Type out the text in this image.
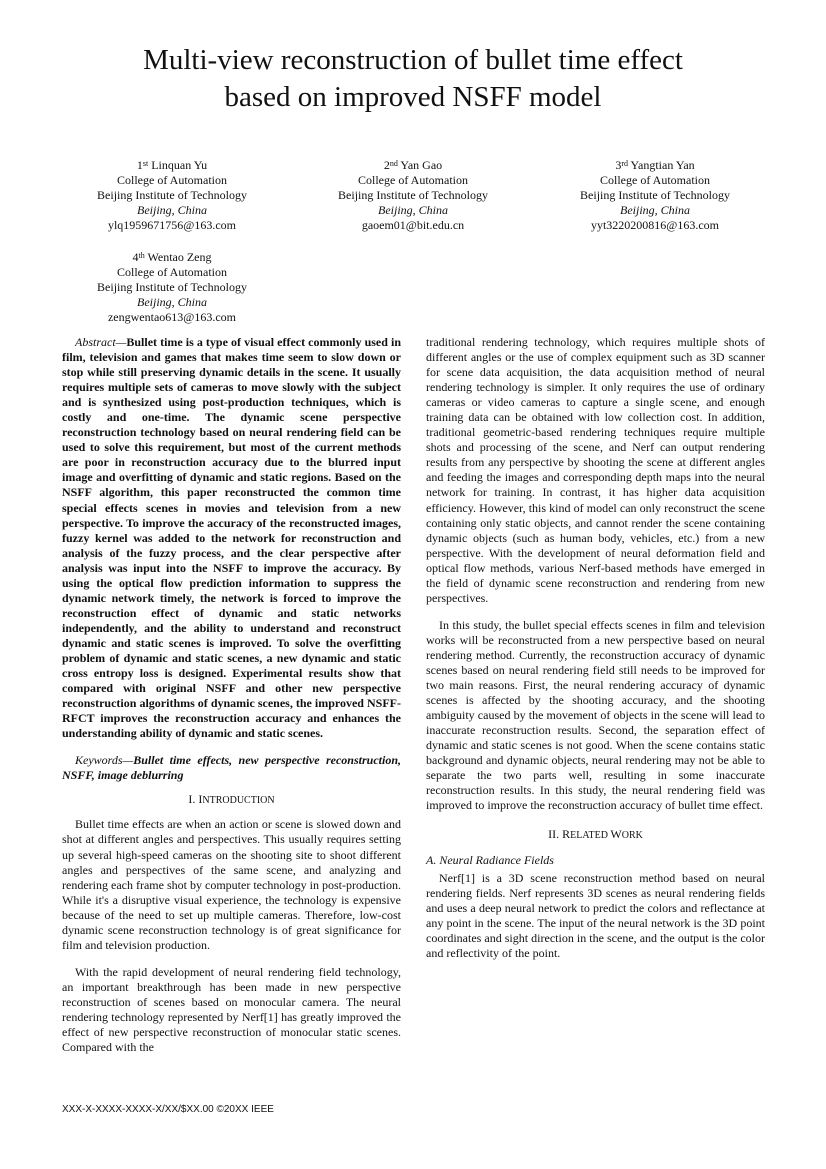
Multi-view reconstruction of bullet time effect
based on improved NSFF model
1st Linquan Yu
College of Automation
Beijing Institute of Technology
Beijing, China
ylq1959671756@163.com
2nd Yan Gao
College of Automation
Beijing Institute of Technology
Beijing, China
gaoem01@bit.edu.cn
3rd Yangtian Yan
College of Automation
Beijing Institute of Technology
Beijing, China
yyt3220200816@163.com
4th Wentao Zeng
College of Automation
Beijing Institute of Technology
Beijing, China
zengwentao613@163.com

Abstract—Bullet time is a type of visual effect commonly used in film, television and games that makes time seem to slow down or stop while still preserving dynamic details in the scene. It usually requires multiple sets of cameras to move slowly with the subject and is synthesized using post-production techniques, which is costly and one-time. The dynamic scene perspective reconstruction technology based on neural rendering field can be used to solve this requirement, but most of the current methods are poor in reconstruction accuracy due to the blurred input image and overfitting of dynamic and static regions. Based on the NSFF algorithm, this paper reconstructed the common time special effects scenes in movies and television from a new perspective. To improve the accuracy of the reconstructed images, fuzzy kernel was added to the network for reconstruction and analysis of the fuzzy process, and the clear perspective after analysis was input into the NSFF to improve the accuracy. By using the optical flow prediction information to suppress the dynamic network timely, the network is forced to improve the reconstruction effect of dynamic and static networks independently, and the ability to understand and reconstruct dynamic and static scenes is improved. To solve the overfitting problem of dynamic and static scenes, a new dynamic and static cross entropy loss is designed. Experimental results show that compared with original NSFF and other new perspective reconstruction algorithms of dynamic scenes, the improved NSFF-RFCT improves the reconstruction accuracy and enhances the understanding ability of dynamic and static scenes.

Keywords—Bullet time effects, new perspective reconstruction, NSFF, image deblurring

I. INTRODUCTION

Bullet time effects are when an action or scene is slowed down and shot at different angles and perspectives. This usually requires setting up several high-speed cameras on the shooting site to shoot different angles and perspectives of the same scene, and analyzing and rendering each frame shot by computer technology in post-production. While it's a disruptive visual experience, the technology is expensive because of the need to set up multiple cameras. Therefore, low-cost dynamic scene reconstruction technology is of great significance for film and television production.

With the rapid development of neural rendering field technology, an important breakthrough has been made in new perspective reconstruction of scenes based on monocular camera. The neural rendering technology represented by Nerf[1] has greatly improved the effect of new perspective reconstruction of monocular static scenes. Compared with the

traditional rendering technology, which requires multiple shots of different angles or the use of complex equipment such as 3D scanner for scene data acquisition, the data acquisition method of neural rendering technology is simpler. It only requires the use of ordinary cameras or video cameras to capture a single scene, and enough training data can be obtained with low collection cost. In addition, traditional geometric-based rendering techniques require multiple shots and processing of the scene, and Nerf can output rendering results from any perspective by shooting the scene at different angles and feeding the images and corresponding depth maps into the neural network for training. In contrast, it has higher data acquisition efficiency. However, this kind of model can only reconstruct the scene containing only static objects, and cannot render the scene containing dynamic objects (such as human body, vehicles, etc.) from a new perspective. With the development of neural deformation field and optical flow methods, various Nerf-based methods have emerged in the field of dynamic scene reconstruction and rendering from new perspectives.

In this study, the bullet special effects scenes in film and television works will be reconstructed from a new perspective based on neural rendering method. Currently, the reconstruction accuracy of dynamic scenes based on neural rendering field still needs to be improved for two main reasons. First, the neural rendering accuracy of dynamic scenes is affected by the shooting accuracy, and the shooting ambiguity caused by the movement of objects in the scene will lead to inaccurate reconstruction results. Second, the separation effect of dynamic and static scenes is not good. When the scene contains static background and dynamic objects, neural rendering may not be able to separate the two parts well, resulting in some inaccurate reconstruction results. In this study, the neural rendering field was improved to improve the reconstruction accuracy of bullet time effect.

II. RELATED WORK

A. Neural Radiance Fields

Nerf[1] is a 3D scene reconstruction method based on neural rendering fields. Nerf represents 3D scenes as neural rendering fields and uses a deep neural network to predict the colors and reflectance at any point in the scene. The input of the neural network is the 3D point coordinates and sight direction in the scene, and the output is the color and reflectivity of the point.

XXX-X-XXXX-XXXX-X/XX/$XX.00 ©20XX IEEE
